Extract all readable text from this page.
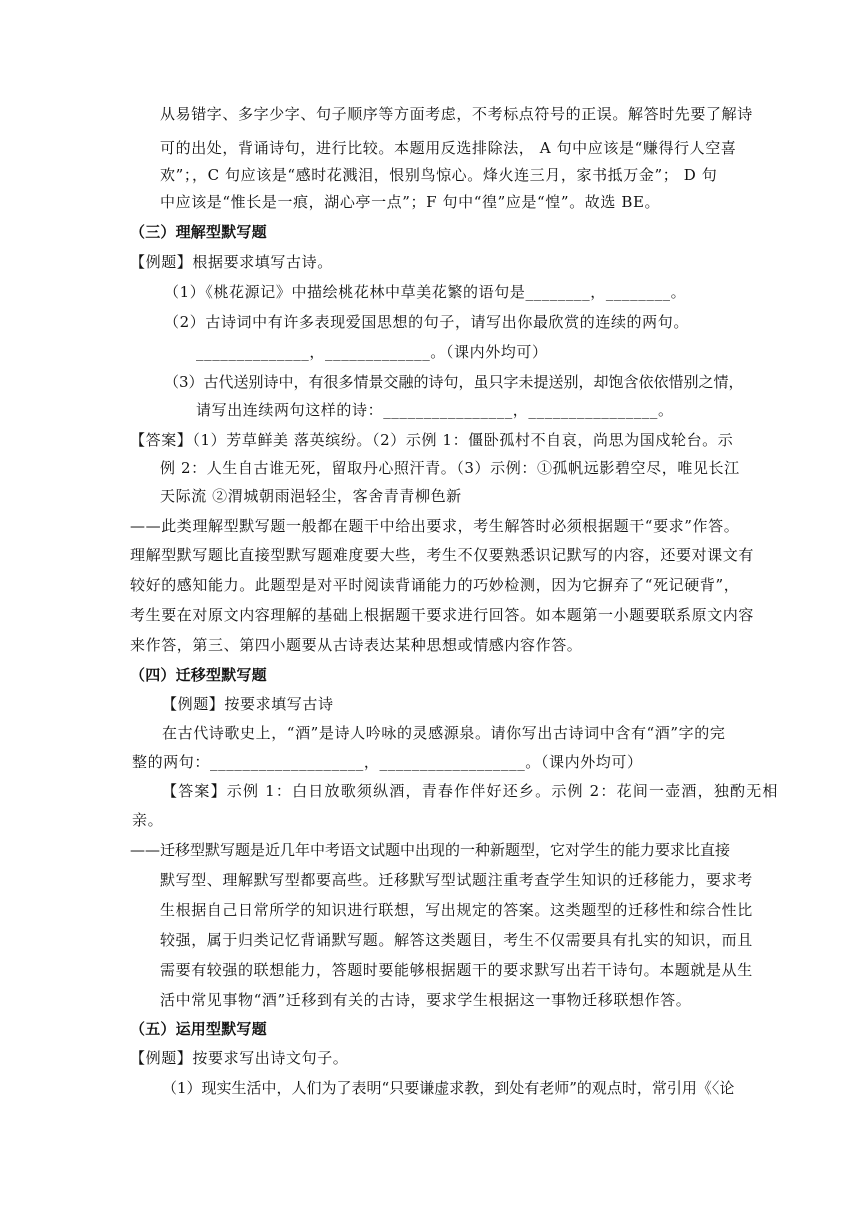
从易错字、多字少字、句子顺序等方面考虑，不考标点符号的正误。解答时先要了解诗
可的出处，背诵诗句，进行比较。本题用反选排除法， A 句中应该是“赚得行人空喜
欢”；，C 句应该是“感时花溅泪，恨别鸟惊心。烽火连三月，家书抵万金”； D 句
中应该是“惟长是一痕，湖心亭一点”；F 句中“徨”应是“惶”。故选 BE。
（三）理解型默写题
【例题】根据要求填写古诗。
（1）《桃花源记》中描绘桃花林中草美花繁的语句是________，________。
（2）古诗词中有许多表现爱国思想的句子，请写出你最欣赏的连续的两句。
______________，_____________。（课内外均可）
（3）古代送别诗中，有很多情景交融的诗句，虽只字未提送别，却饱含依依惜别之情，
请写出连续两句这样的诗：________________，________________。
【答案】（1）芳草鲜美 落英缤纷。（2）示例 1：僵卧孤村不自哀，尚思为国戍轮台。示
例 2：人生自古谁无死，留取丹心照汗青。（3）示例：①孤帆远影碧空尽，唯见长江
天际流 ②渭城朝雨浥轻尘，客舍青青柳色新
——此类理解型默写题一般都在题干中给出要求，考生解答时必须根据题干“要求”作答。
理解型默写题比直接型默写题难度要大些，考生不仅要熟悉识记默写的内容，还要对课文有
较好的感知能力。此题型是对平时阅读背诵能力的巧妙检测，因为它摒弃了“死记硬背”，
考生要在对原文内容理解的基础上根据题干要求进行回答。如本题第一小题要联系原文内容
来作答，第三、第四小题要从古诗表达某种思想或情感内容作答。
（四）迁移型默写题
【例题】按要求填写古诗
在古代诗歌史上，“酒”是诗人吟咏的灵感源泉。请你写出古诗词中含有“酒”字的完
整的两句：___________________，__________________。（课内外均可）
【答案】示例 1：白日放歌须纵酒，青春作伴好还乡。示例 2：花间一壶酒，独酌无相
亲。
——迁移型默写题是近几年中考语文试题中出现的一种新题型，它对学生的能力要求比直接
默写型、理解默写型都要高些。迁移默写型试题注重考查学生知识的迁移能力，要求考
生根据自己日常所学的知识进行联想，写出规定的答案。这类题型的迁移性和综合性比
较强，属于归类记忆背诵默写题。解答这类题目，考生不仅需要具有扎实的知识，而且
需要有较强的联想能力，答题时要能够根据题干的要求默写出若干诗句。本题就是从生
活中常见事物“酒”迁移到有关的古诗，要求学生根据这一事物迁移联想作答。
（五）运用型默写题
【例题】按要求写出诗文句子。
（1）现实生活中，人们为了表明“只要谦虚求教，到处有老师”的观点时，常引用《〈论
